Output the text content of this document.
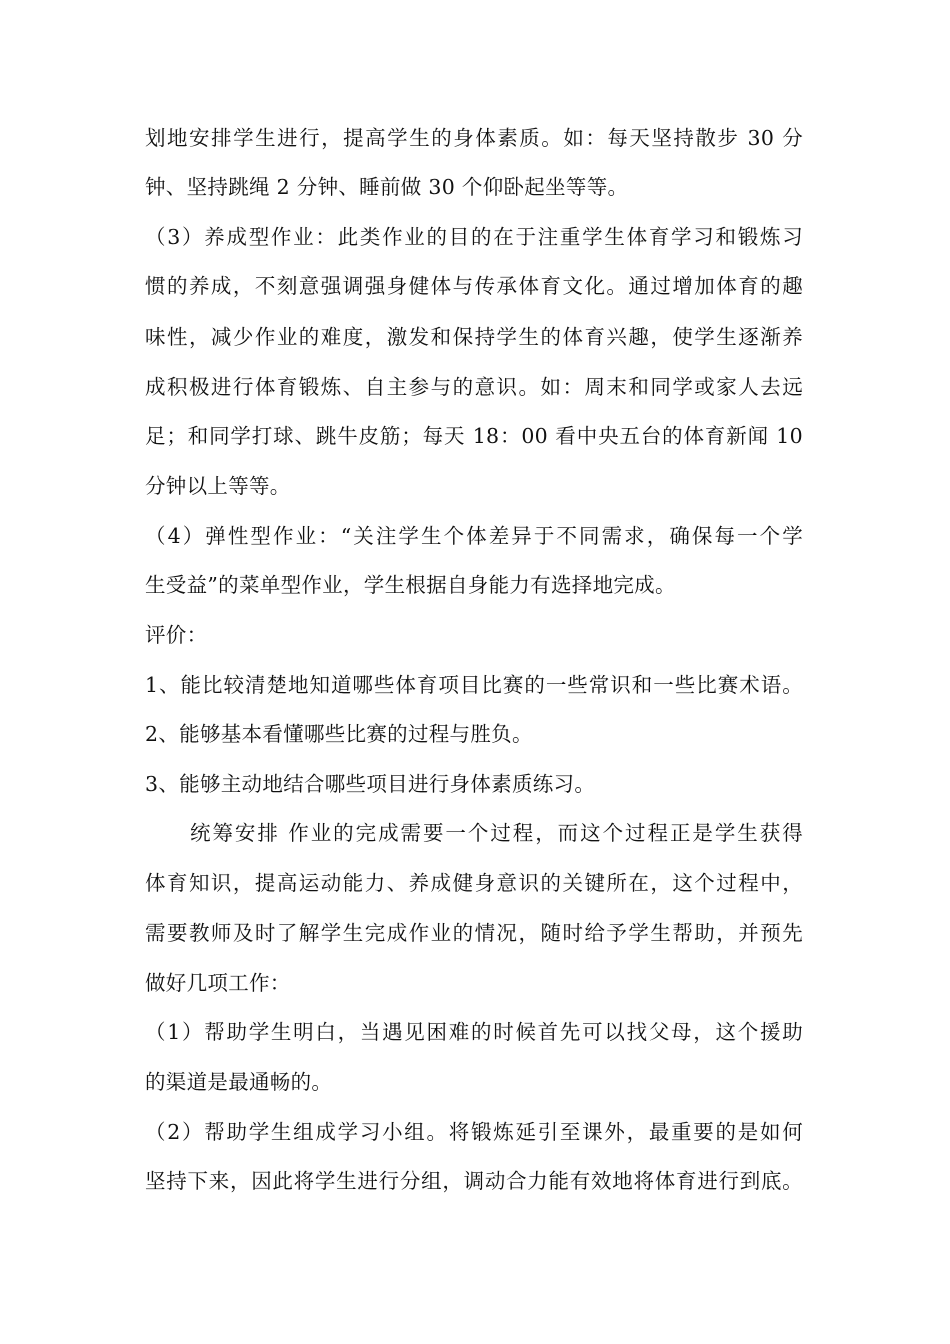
划地安排学生进行，提高学生的身体素质。如：每天坚持散步 30 分
钟、坚持跳绳 2 分钟、睡前做 30 个仰卧起坐等等。
（3）养成型作业：此类作业的目的在于注重学生体育学习和锻炼习
惯的养成，不刻意强调强身健体与传承体育文化。通过增加体育的趣
味性，减少作业的难度，激发和保持学生的体育兴趣，使学生逐渐养
成积极进行体育锻炼、自主参与的意识。如：周末和同学或家人去远
足；和同学打球、跳牛皮筋；每天 18：00 看中央五台的体育新闻 10
分钟以上等等。
（4）弹性型作业：“关注学生个体差异于不同需求，确保每一个学
生受益”的菜单型作业，学生根据自身能力有选择地完成。
评价：
1、能比较清楚地知道哪些体育项目比赛的一些常识和一些比赛术语。
2、能够基本看懂哪些比赛的过程与胜负。
3、能够主动地结合哪些项目进行身体素质练习。
统筹安排 作业的完成需要一个过程，而这个过程正是学生获得
体育知识，提高运动能力、养成健身意识的关键所在，这个过程中，
需要教师及时了解学生完成作业的情况，随时给予学生帮助，并预先
做好几项工作：
（1）帮助学生明白，当遇见困难的时候首先可以找父母，这个援助
的渠道是最通畅的。
（2）帮助学生组成学习小组。将锻炼延引至课外，最重要的是如何
坚持下来，因此将学生进行分组，调动合力能有效地将体育进行到底。
